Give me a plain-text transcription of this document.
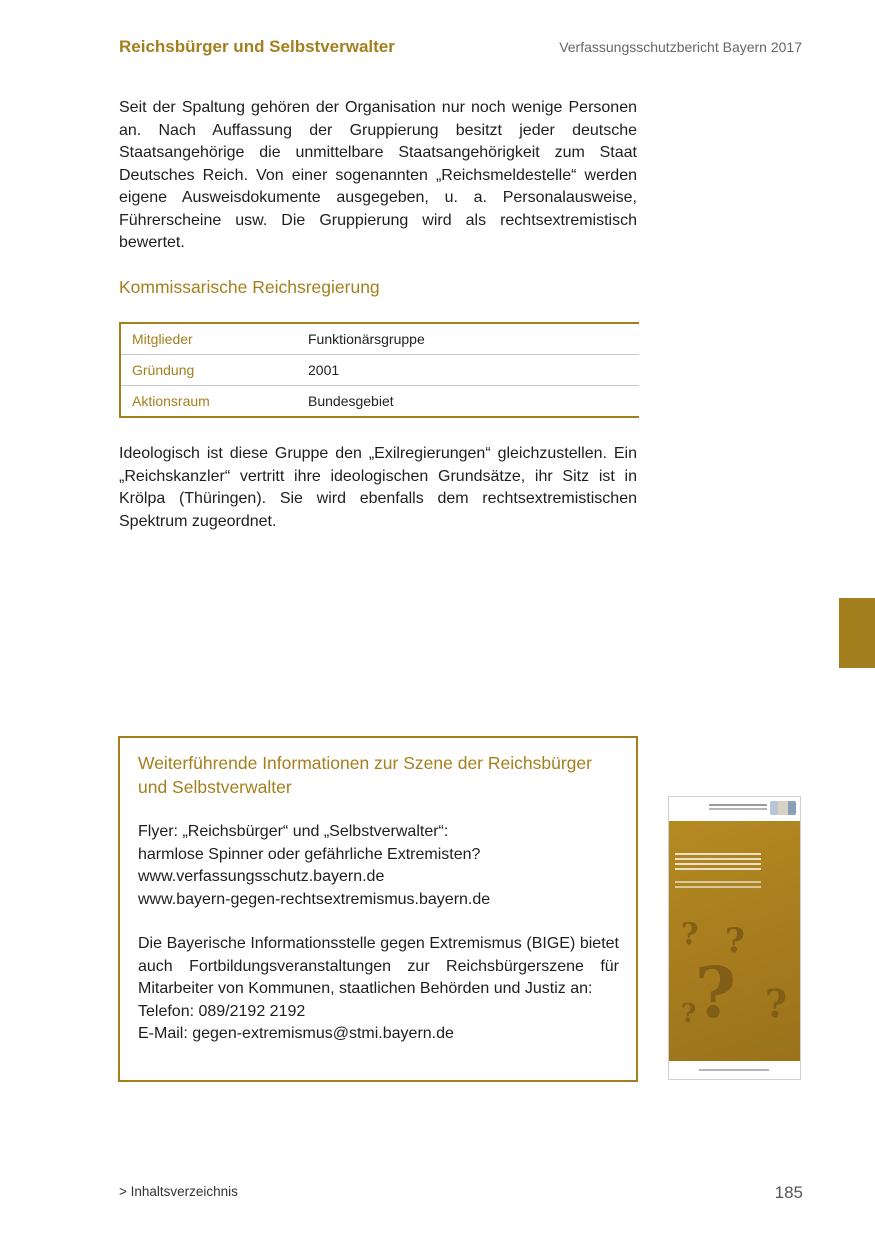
Reichsbürger und Selbstverwalter	Verfassungsschutzbericht Bayern 2017

Seit der Spaltung gehören der Organisation nur noch wenige Personen an. Nach Auffassung der Gruppierung besitzt jeder deutsche Staatsangehörige die unmittelbare Staatsangehörigkeit zum Staat Deutsches Reich. Von einer sogenannten „Reichsmeldestelle“ werden eigene Ausweisdokumente ausgegeben, u. a. Personalausweise, Führerscheine usw. Die Gruppierung wird als rechtsextremistisch bewertet.

Kommissarische Reichsregierung
Mitglieder	Funktionärsgruppe
Gründung	2001
Aktionsraum	Bundesgebiet

Ideologisch ist diese Gruppe den „Exilregierungen“ gleichzustellen. Ein „Reichskanzler“ vertritt ihre ideologischen Grundsätze, ihr Sitz ist in Krölpa (Thüringen). Sie wird ebenfalls dem rechtsextremistischen Spektrum zugeordnet.

Weiterführende Informationen zur Szene der Reichsbürger und Selbstverwalter
Flyer: „Reichsbürger“ und „Selbstverwalter“:
harmlose Spinner oder gefährliche Extremisten?
www.verfassungsschutz.bayern.de
www.bayern-gegen-rechtsextremismus.bayern.de
Die Bayerische Informationsstelle gegen Extremismus (BIGE) bietet auch Fortbildungsveranstaltungen zur Reichsbürgerszene für Mitarbeiter von Kommunen, staatlichen Behörden und Justiz an:
Telefon: 089/2192 2192
E-Mail: gegen-extremismus@stmi.bayern.de
? ?
?
? ?
> Inhaltsverzeichnis	185
